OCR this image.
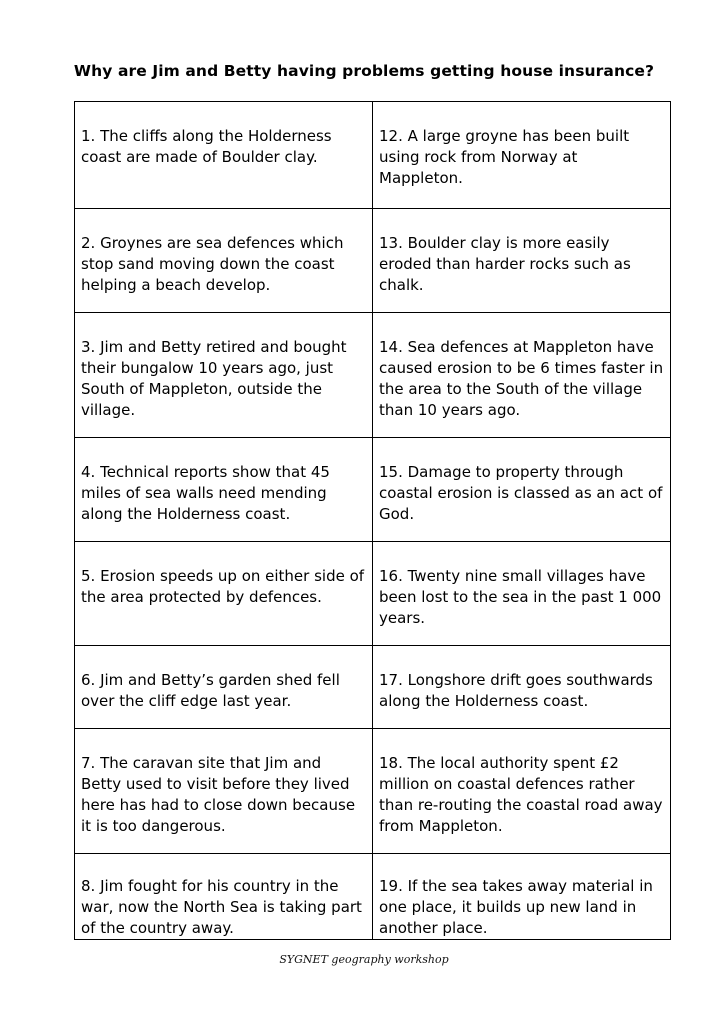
Why are Jim and Betty having problems getting house insurance?
1. The cliffs along the Holderness coast are made of Boulder clay.	12. A large groyne has been built using rock from Norway at Mappleton.

2. Groynes are sea defences which stop sand moving down the coast helping a beach develop.	13. Boulder clay is more easily eroded than harder rocks such as chalk.

3. Jim and Betty retired and bought their bungalow 10 years ago, just South of Mappleton, outside the village.	14. Sea defences at Mappleton have caused erosion to be 6 times faster in the area to the South of the village than 10 years ago.

4. Technical reports show that 45 miles of sea walls need mending along the Holderness coast.	15. Damage to property through coastal erosion is classed as an act of God.

5. Erosion speeds up on either side of the area protected by defences.	16. Twenty nine small villages have been lost to the sea in the past 1 000 years.

6. Jim and Betty’s garden shed fell over the cliff edge last year.	17. Longshore drift goes southwards along the Holderness coast.

7. The caravan site that Jim and Betty used to visit before they lived here has had to close down because it is too dangerous.	18. The local authority spent £2 million on coastal defences rather than re-routing the coastal road away from Mappleton.

8. Jim fought for his country in the war, now the North Sea is taking part of the country away.	19. If the sea takes away material in one place, it builds up new land in another place.
SYGNET geography workshop
